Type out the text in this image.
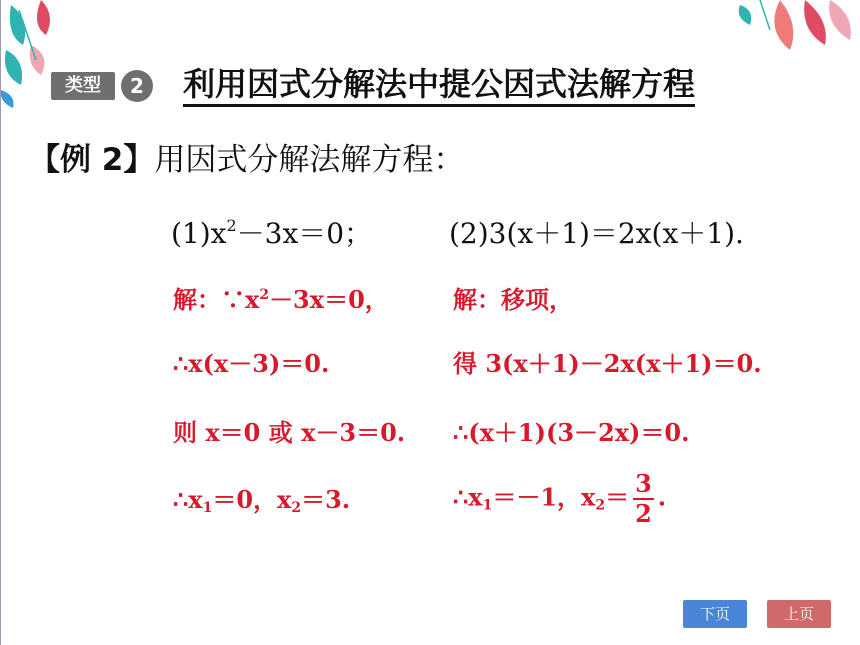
类型	2 利用因式分解法中提公因式法解方程
【例 2】用因式分解法解方程：
$(1)x^2-3x=0$；	(2)3(x＋1)＝2x(x＋1).
解：$\because x^2-3x=0$，
∴x(x－3)＝0.
则 x＝0 或 x－3＝0.
$\therefore x_1=0$，$x_2=3$.
解：移项，
得 3(x＋1)－2x(x＋1)＝0.
∴(x＋1)(3－2x)＝0.
$\therefore x_1=-1$，$x_2= \frac{3}{2}$ .
下页	上页
